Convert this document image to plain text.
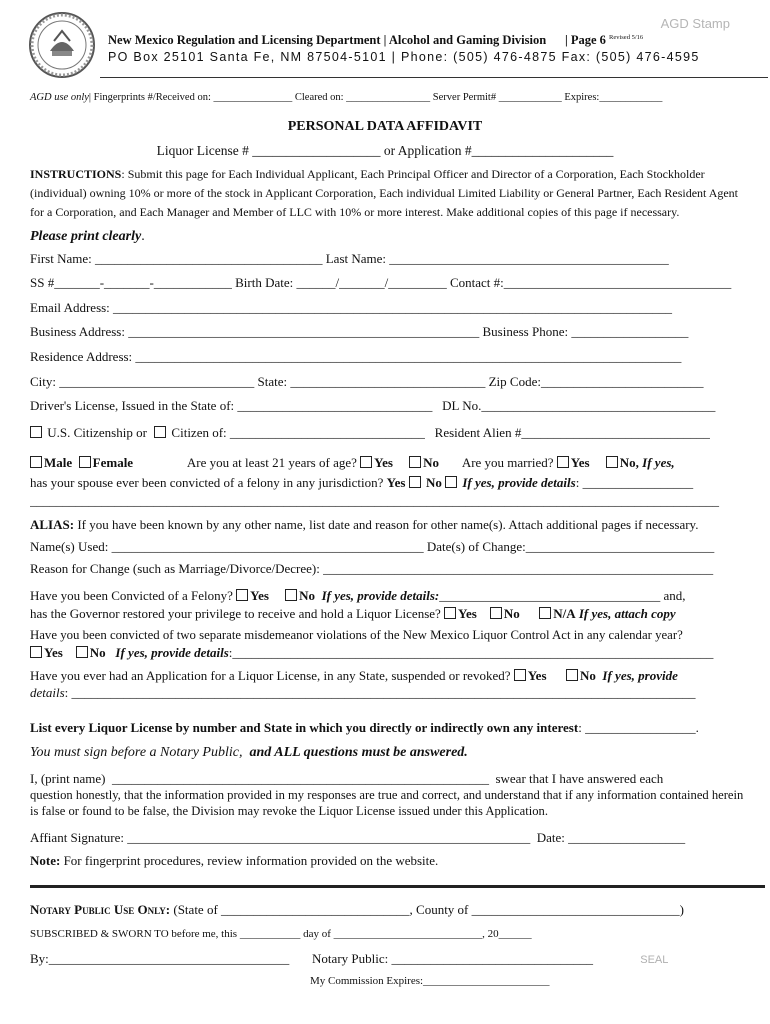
New Mexico Regulation and Licensing Department | Alcohol and Gaming Division | Page 6 $^{Revised 5/16}$
AGD Stamp
PO Box 25101 Santa Fe, NM 87504-5101 | Phone: (505) 476-4875 Fax: (505) 476-4595
AGD use only| Fingerprints #/Received on: _______________ Cleared on: ________________ Server Permit# ____________ Expires:____________
PERSONAL DATA AFFIDAVIT
Liquor License # ___________________ or Application #_____________________
INSTRUCTIONS: Submit this page for Each Individual Applicant, Each Principal Officer and Director of a Corporation, Each Stockholder (individual) owning 10% or more of the stock in Applicant Corporation, Each individual Limited Liability or General Partner, Each Resident Agent for a Corporation, and Each Manager and Member of LLC with 10% or more interest. Make additional copies of this page if necessary.
Please print clearly.
First Name: ___________________________________ Last Name: ___________________________________________
SS #_______-_______-____________ Birth Date: ______/_______/_________ Contact #:___________________________________
Email Address: ______________________________________________________________________________________
Business Address: ______________________________________________________ Business Phone: __________________
Residence Address: ____________________________________________________________________________________
City: ______________________________ State: ______________________________ Zip Code:_________________________
Driver's License, Issued in the State of: ______________________________ DL No.____________________________________
U.S. Citizenship or Citizen of: ______________________________ Resident Alien #_____________________________
Male Female	Are you at least 21 years of age? Yes No Are you married? Yes No, If yes,
has your spouse ever been convicted of a felony in any jurisdiction? Yes No If yes, provide details: _________________
__________________________________________________________________________________________________________
ALIAS: If you have been known by any other name, list date and reason for other name(s). Attach additional pages if necessary.
Name(s) Used: ________________________________________________ Date(s) of Change:_____________________________
Reason for Change (such as Marriage/Divorce/Decree): ____________________________________________________________
Have you been Convicted of a Felony? Yes No If yes, provide details:__________________________________ and,
has the Governor restored your privilege to receive and hold a Liquor License? Yes No	N/A If yes, attach copy
Have you been convicted of two separate misdemeanor violations of the New Mexico Liquor Control Act in any calendar year?
Yes No If yes, provide details:__________________________________________________________________________
Have you ever had an Application for a Liquor License, in any State, suspended or revoked? Yes	No If yes, provide
details: ________________________________________________________________________________________________
List every Liquor License by number and State in which you directly or indirectly own any interest: _________________.
You must sign before a Notary Public, and ALL questions must be answered.
I, (print name) __________________________________________________________ swear that I have answered each
question honestly, that the information provided in my responses are true and correct, and understand that if any information contained herein is false or found to be false, the Division may revoke the Liquor License issued under this Application.
Affiant Signature: ______________________________________________________________ Date: __________________
Note: For fingerprint procedures, review information provided on the website.
Notary Public Use Only: (State of _____________________________, County of ________________________________)
SUBSCRIBED & SWORN TO before me, this ___________ day of ___________________________, 20______
By:_____________________________________ Notary Public: _______________________________	SEAL
My Commission Expires:_______________________
